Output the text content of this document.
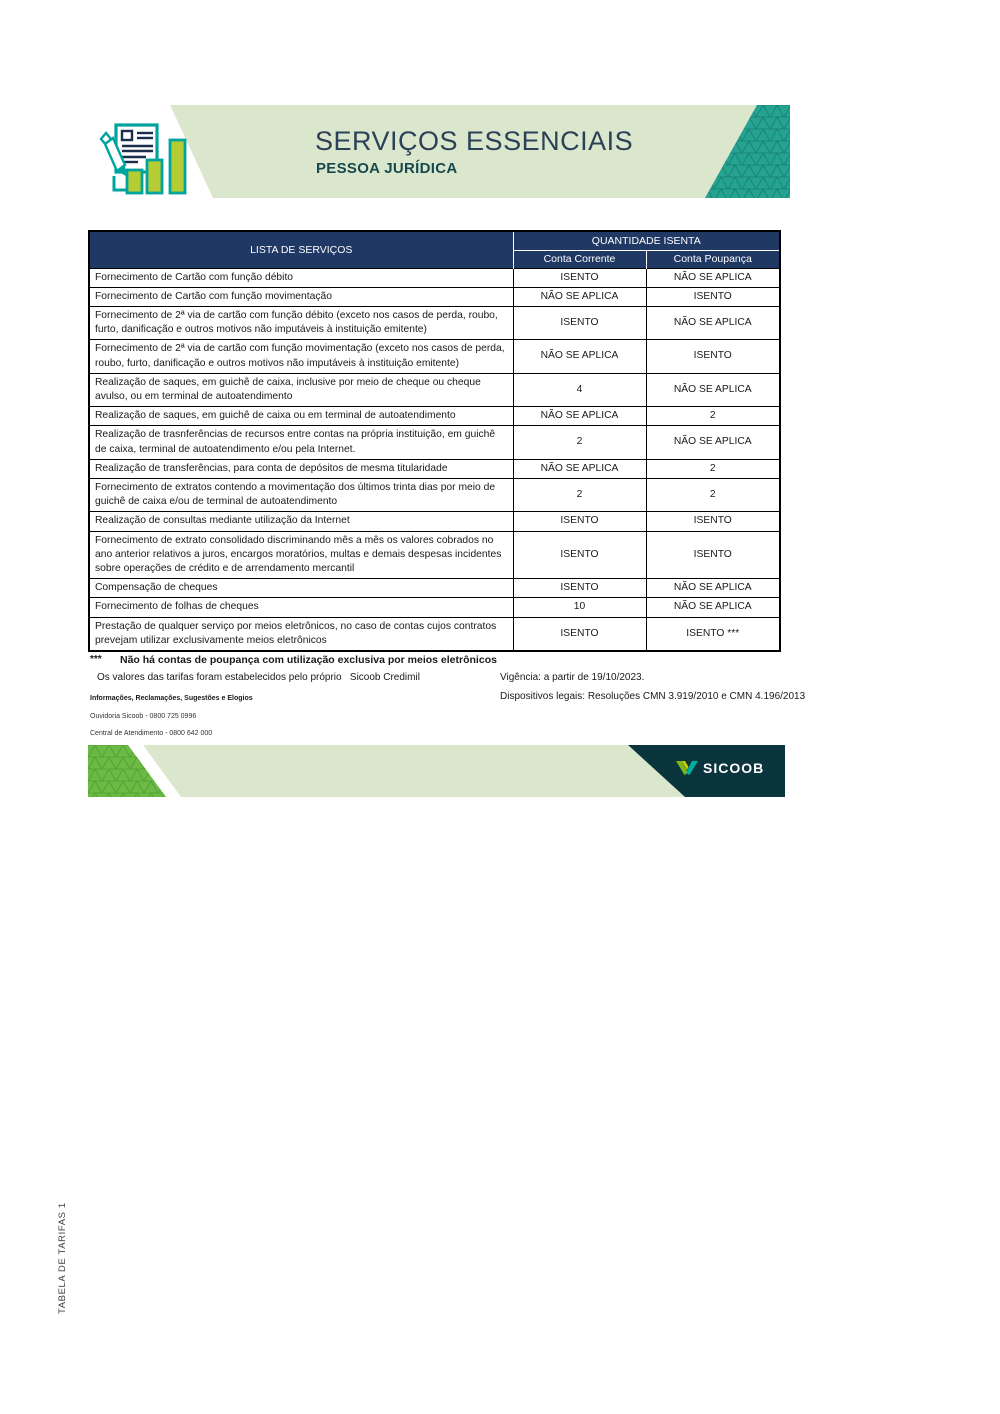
SERVIÇOS ESSENCIAIS
PESSOA JURÍDICA
LISTA DE SERVIÇOS	QUANTIDADE ISENTA	
	Conta Corrente	Conta Poupança
Fornecimento de Cartão com função débito	ISENTO	NÃO SE APLICA
Fornecimento de Cartão com função movimentação	NÃO SE APLICA	ISENTO
Fornecimento de 2ª via de cartão com função débito (exceto nos casos de perda, roubo, furto, danificação e outros motivos não imputáveis à instituição emitente)	ISENTO	NÃO SE APLICA
Fornecimento de 2ª via de cartão com função movimentação (exceto nos casos de perda, roubo, furto, danificação e outros motivos não imputáveis à instituição emitente)	NÃO SE APLICA	ISENTO
Realização de saques, em guichê de caixa, inclusive por meio de cheque ou cheque avulso, ou em terminal de autoatendimento	4	NÃO SE APLICA
Realização de saques, em guichê de caixa ou em terminal de autoatendimento	NÃO SE APLICA	2
Realização de trasnferências de recursos entre contas na própria instituição, em guichê de caixa, terminal de autoatendimento e/ou pela Internet.	2	NÃO SE APLICA
Realização de transferências, para conta de depósitos de mesma titularidade	NÃO SE APLICA	2
Fornecimento de extratos contendo a movimentação dos últimos trinta dias por meio de guichê de caixa e/ou de terminal de autoatendimento	2	2
Realização de consultas mediante utilização da Internet	ISENTO	ISENTO
Fornecimento de extrato consolidado discriminando mês a mês os valores cobrados no ano anterior relativos a juros, encargos moratórios, multas e demais despesas incidentes sobre operações de crédito e de arrendamento mercantil	ISENTO	ISENTO
Compensação de cheques	ISENTO	NÃO SE APLICA
Fornecimento de folhas de cheques	10	NÃO SE APLICA
Prestação de qualquer serviço por meios eletrônicos, no caso de contas cujos contratos prevejam utilizar exclusivamente meios eletrônicos	ISENTO	ISENTO ***
*** Não há contas de poupança com utilização exclusiva por meios eletrônicos
Os valores das tarifas foram estabelecidos pelo próprio   Sicoob Credimil	Vigência: a partir de 19/10/2023.
Informações, Reclamações, Sugestões e Elogios	Dispositivos legais: Resoluções CMN 3.919/2010 e CMN 4.196/2013
Ouvidoria Sicoob - 0800 725 0996
Central de Atendimento - 0800 642 000
SICOOB
TABELA DE TARIFAS 1
